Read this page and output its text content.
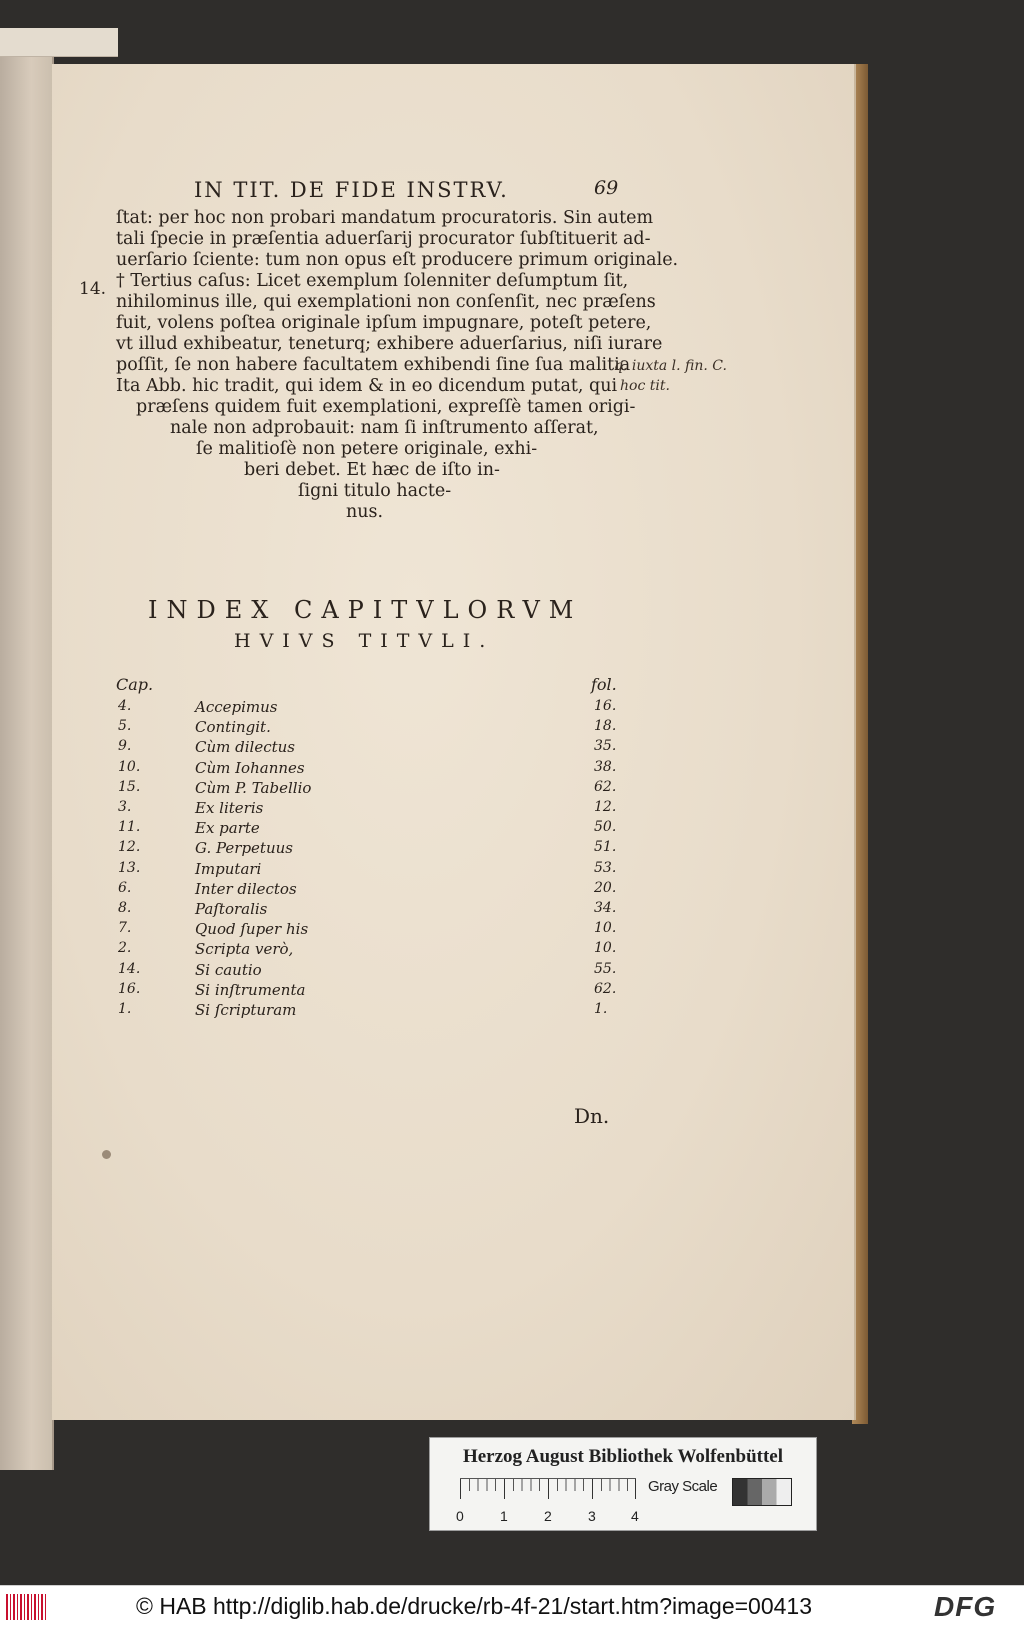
IN TIT. DE FIDE INSTRV.	69
ſtat: per hoc non probari mandatum procuratoris. Sin autem
tali ſpecie in præſentia aduerſarij procurator ſubſtituerit ad-
uerſario ſciente: tum non opus eſt producere primum originale.
† Tertius caſus: Licet exemplum ſolenniter deſumptum ſit,
nihilominus ille, qui exemplationi non conſenſit, nec præſens
fuit, volens poſtea originale ipſum impugnare, poteſt petere,
vt illud exhibeatur, teneturq; exhibere aduerſarius, niſi iurare
poſſit, ſe non habere facultatem exhibendi ſine ſua malitia
Ita Abb. hic tradit, qui idem & in eo dicendum putat, qui
præſens quidem fuit exemplationi, expreſſè tamen origi-
nale non adprobauit: nam ſi inſtrumento aſſerat,
ſe malitioſè non petere originale, exhi-
beri debet. Et hæc de iſto in-
ſigni titulo hacte-
nus.
14.
q. iuxta l. fin. C.
hoc tit.
INDEX CAPITVLORVM
HVIVS TITVLI.
Cap.	fol.
4.	Accepimus	16.
5.	Contingit.	18.
9.	Cùm dilectus	35.
10.	Cùm Iohannes	38.
15.	Cùm P. Tabellio	62.
3.	Ex literis	12.
11.	Ex parte	50.
12.	G. Perpetuus	51.
13.	Imputari	53.
6.	Inter dilectos	20.
8.	Paſtoralis	34.
7.	Quod ſuper his	10.
2.	Scripta verò,	10.
14.	Si cautio	55.
16.	Si inſtrumenta	62.
1.	Si ſcripturam	1.
Dn.
Herzog August Bibliothek Wolfenbüttel
0	1	2	3	4
Gray Scale
© HAB http://diglib.hab.de/drucke/rb-4f-21/start.htm?image=00413	DFG
